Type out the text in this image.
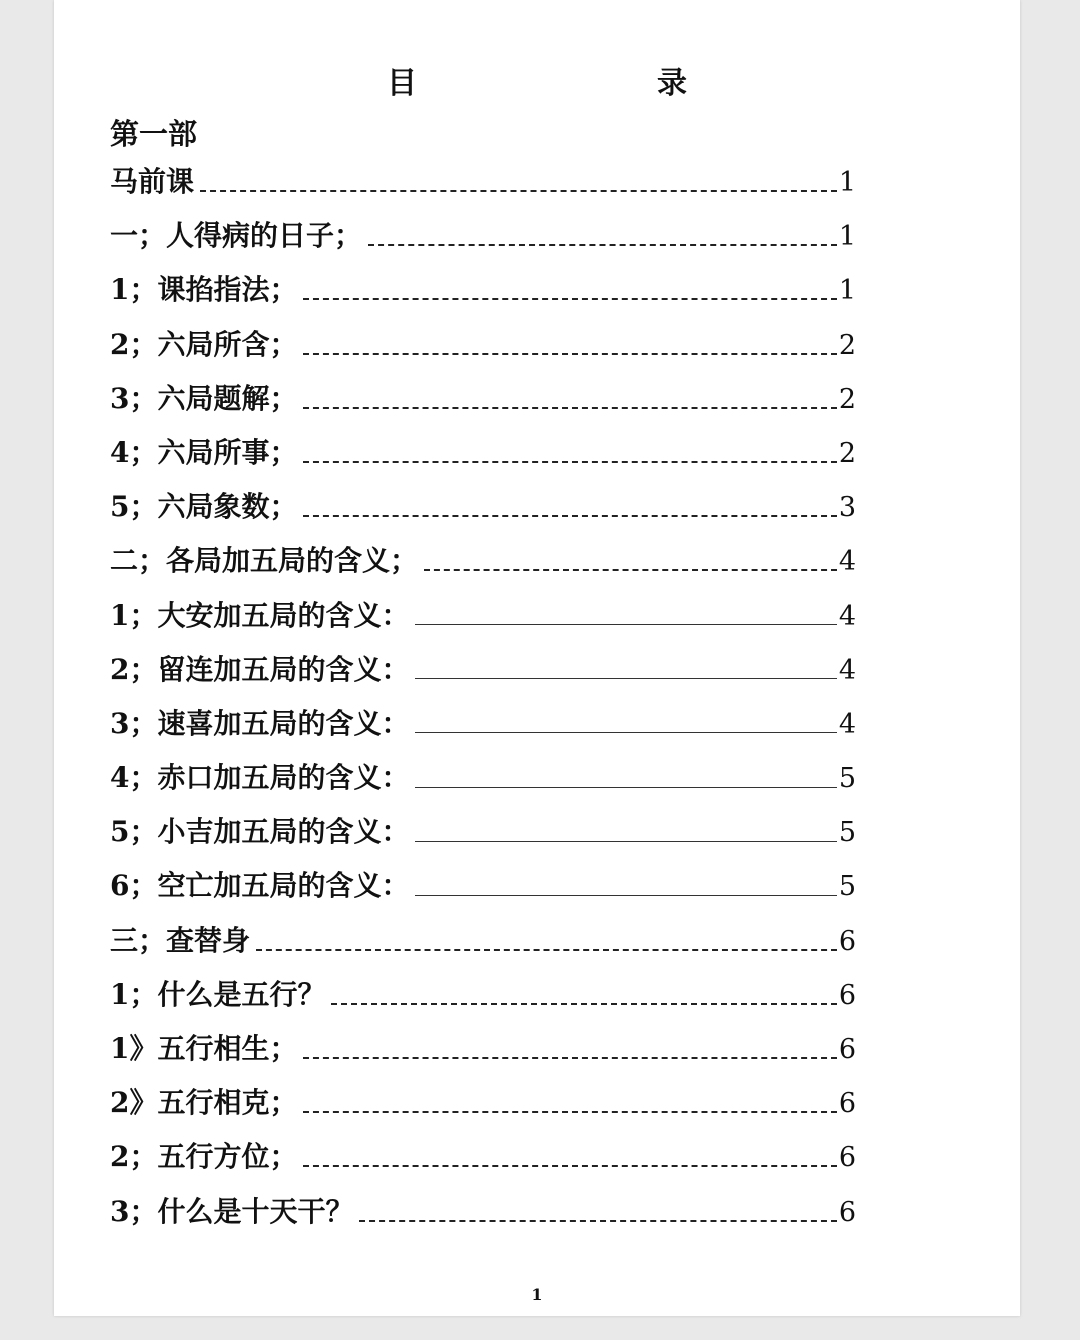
目　　录
第一部
马前课	1
一；人得病的日子；	1
1；课掐指法；	1
2；六局所含；	2
3；六局题解；	2
4；六局所事；	2
5；六局象数；	3
二；各局加五局的含义；	4
1；大安加五局的含义：	4
2；留连加五局的含义：	4
3；速喜加五局的含义：	4
4；赤口加五局的含义：	5
5；小吉加五局的含义：	5
6；空亡加五局的含义：	5
三；查替身	6
1；什么是五行？	6
1》五行相生；	6
2》五行相克；	6
2；五行方位；	6
3；什么是十天干？	6
1
